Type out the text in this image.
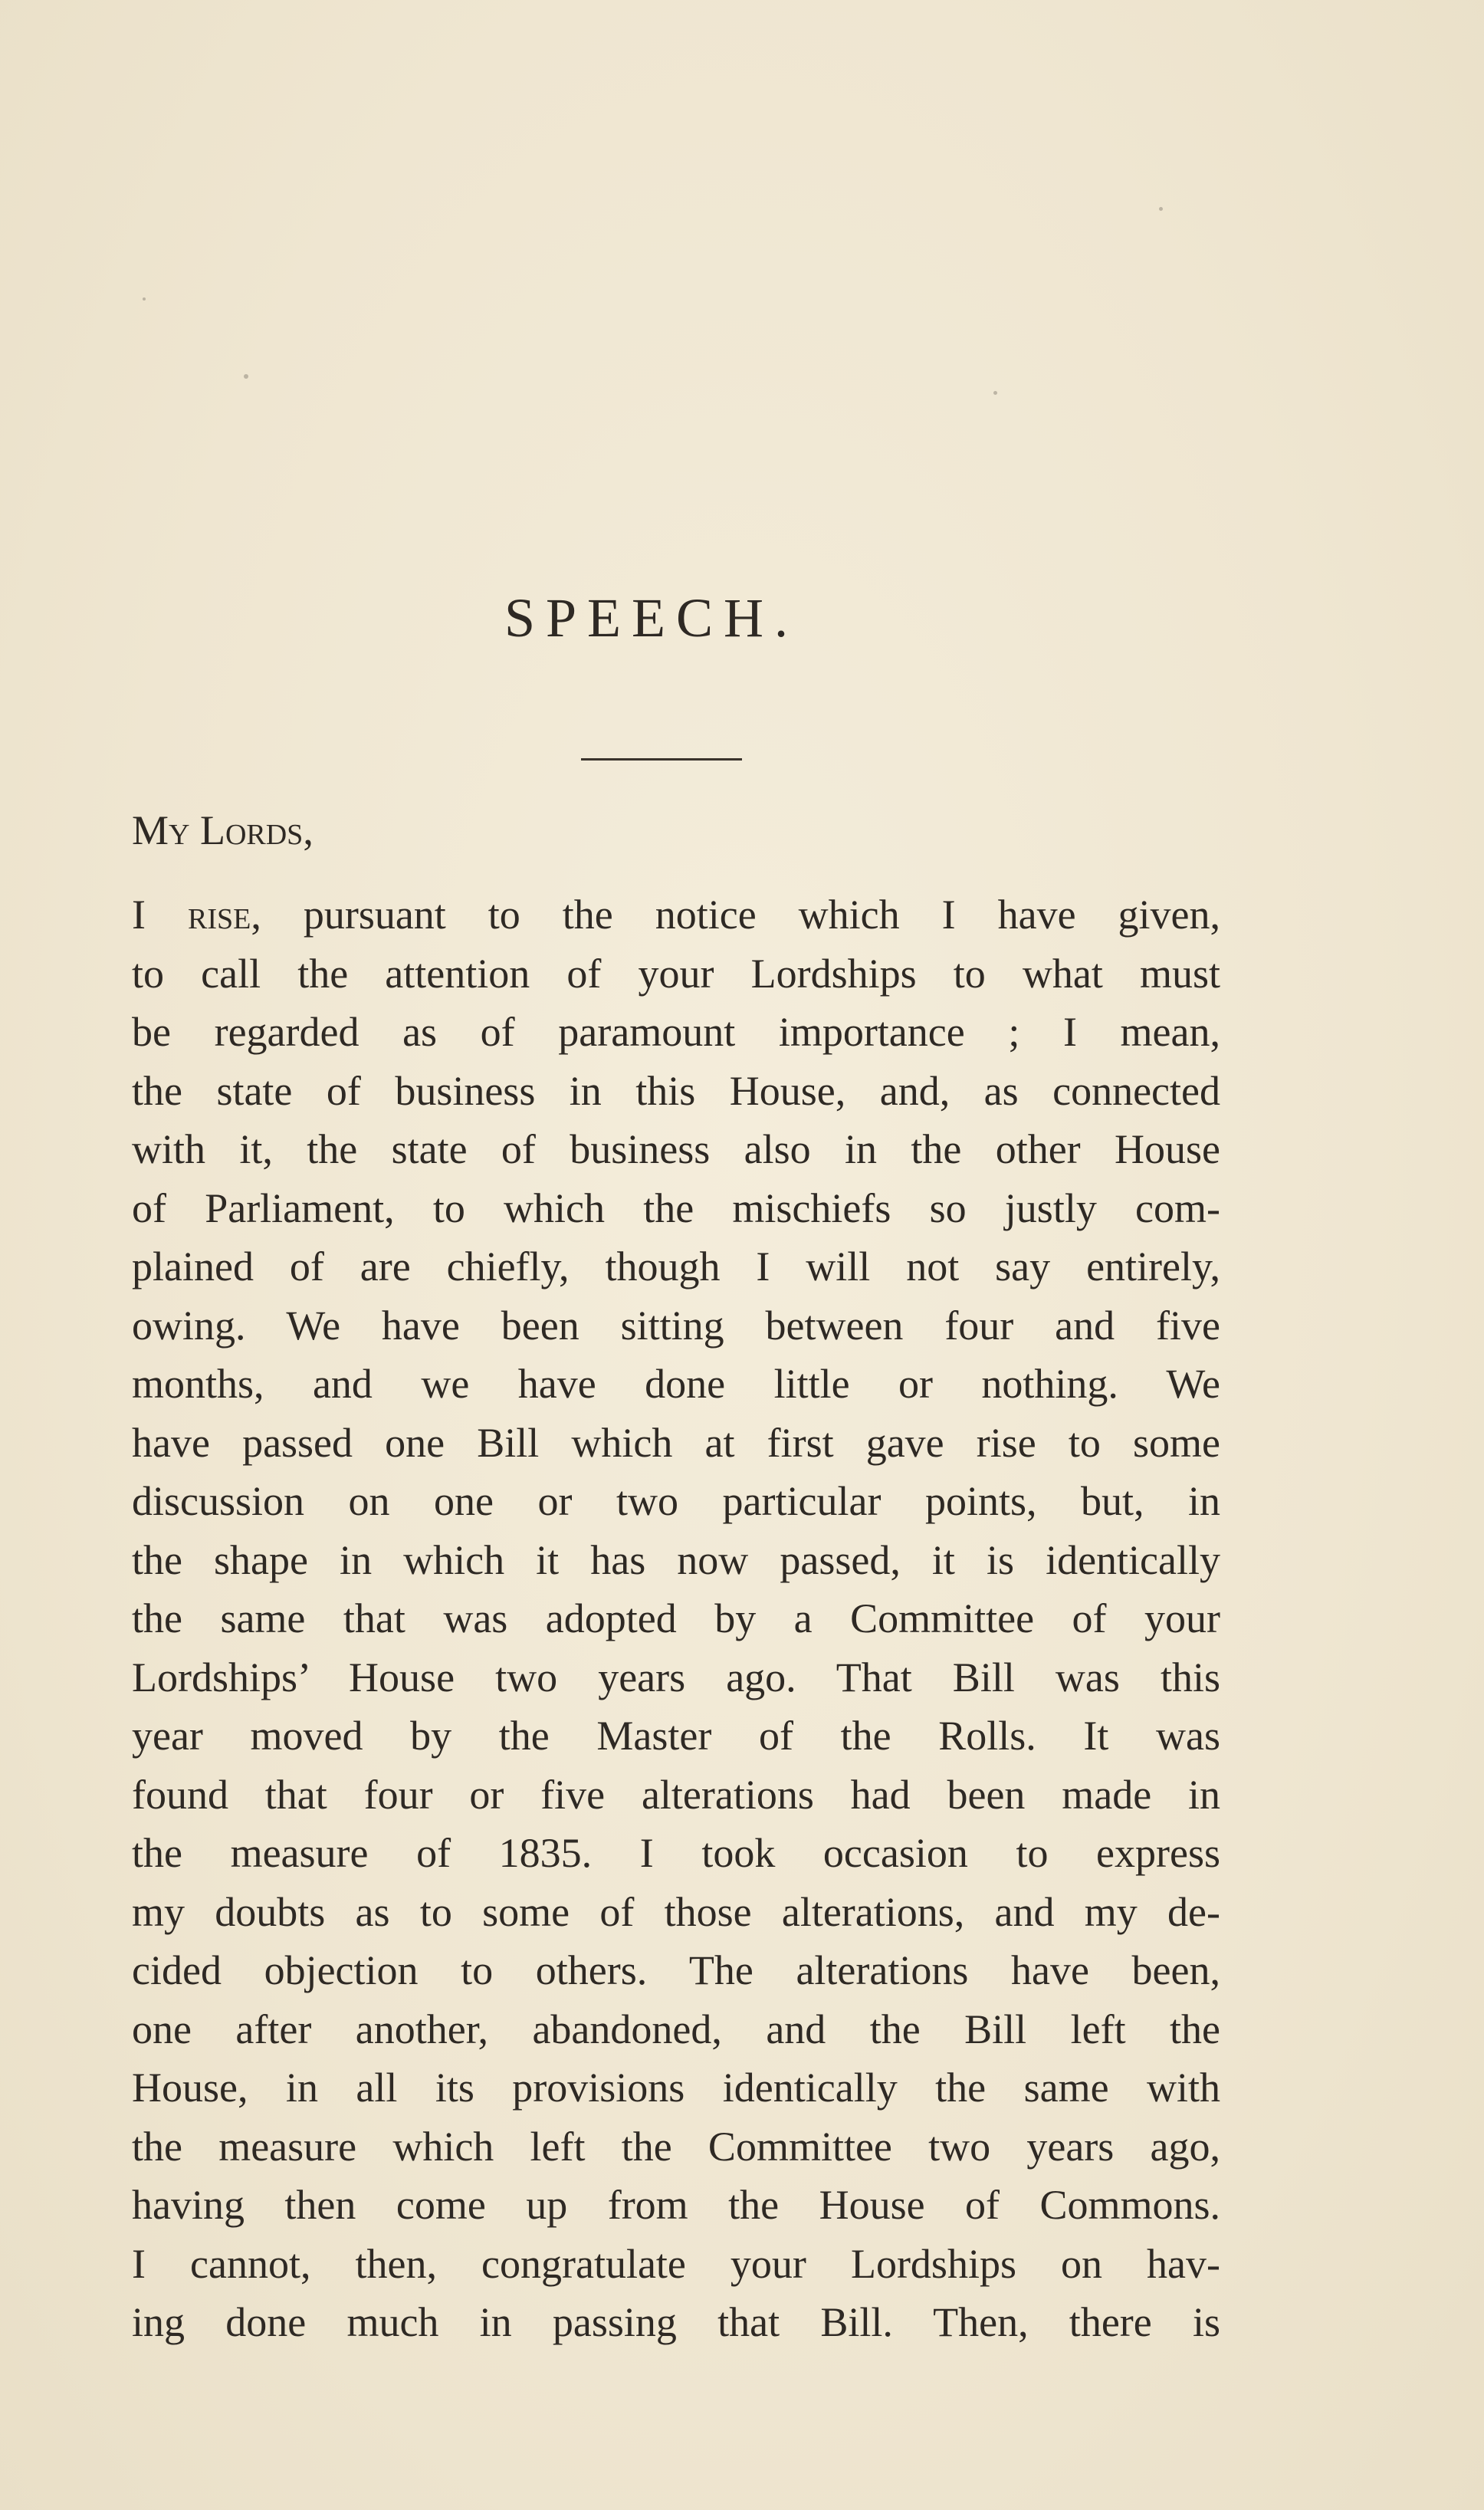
SPEECH.
My Lords,
I rise, pursuant to the notice which I have given,
to call the attention of your Lordships to what must
be regarded as of paramount importance ; I mean,
the state of business in this House, and, as connected
with it, the state of business also in the other House
of Parliament, to which the mischiefs so justly com-
plained of are chiefly, though I will not say entirely,
owing. We have been sitting between four and five
months, and we have done little or nothing. We
have passed one Bill which at first gave rise to some
discussion on one or two particular points, but, in
the shape in which it has now passed, it is identically
the same that was adopted by a Committee of your
Lordships’ House two years ago. That Bill was this
year moved by the Master of the Rolls. It was
found that four or five alterations had been made in
the measure of 1835. I took occasion to express
my doubts as to some of those alterations, and my de-
cided objection to others. The alterations have been,
one after another, abandoned, and the Bill left the
House, in all its provisions identically the same with
the measure which left the Committee two years ago,
having then come up from the House of Commons.
I cannot, then, congratulate your Lordships on hav-
ing done much in passing that Bill. Then, there is
